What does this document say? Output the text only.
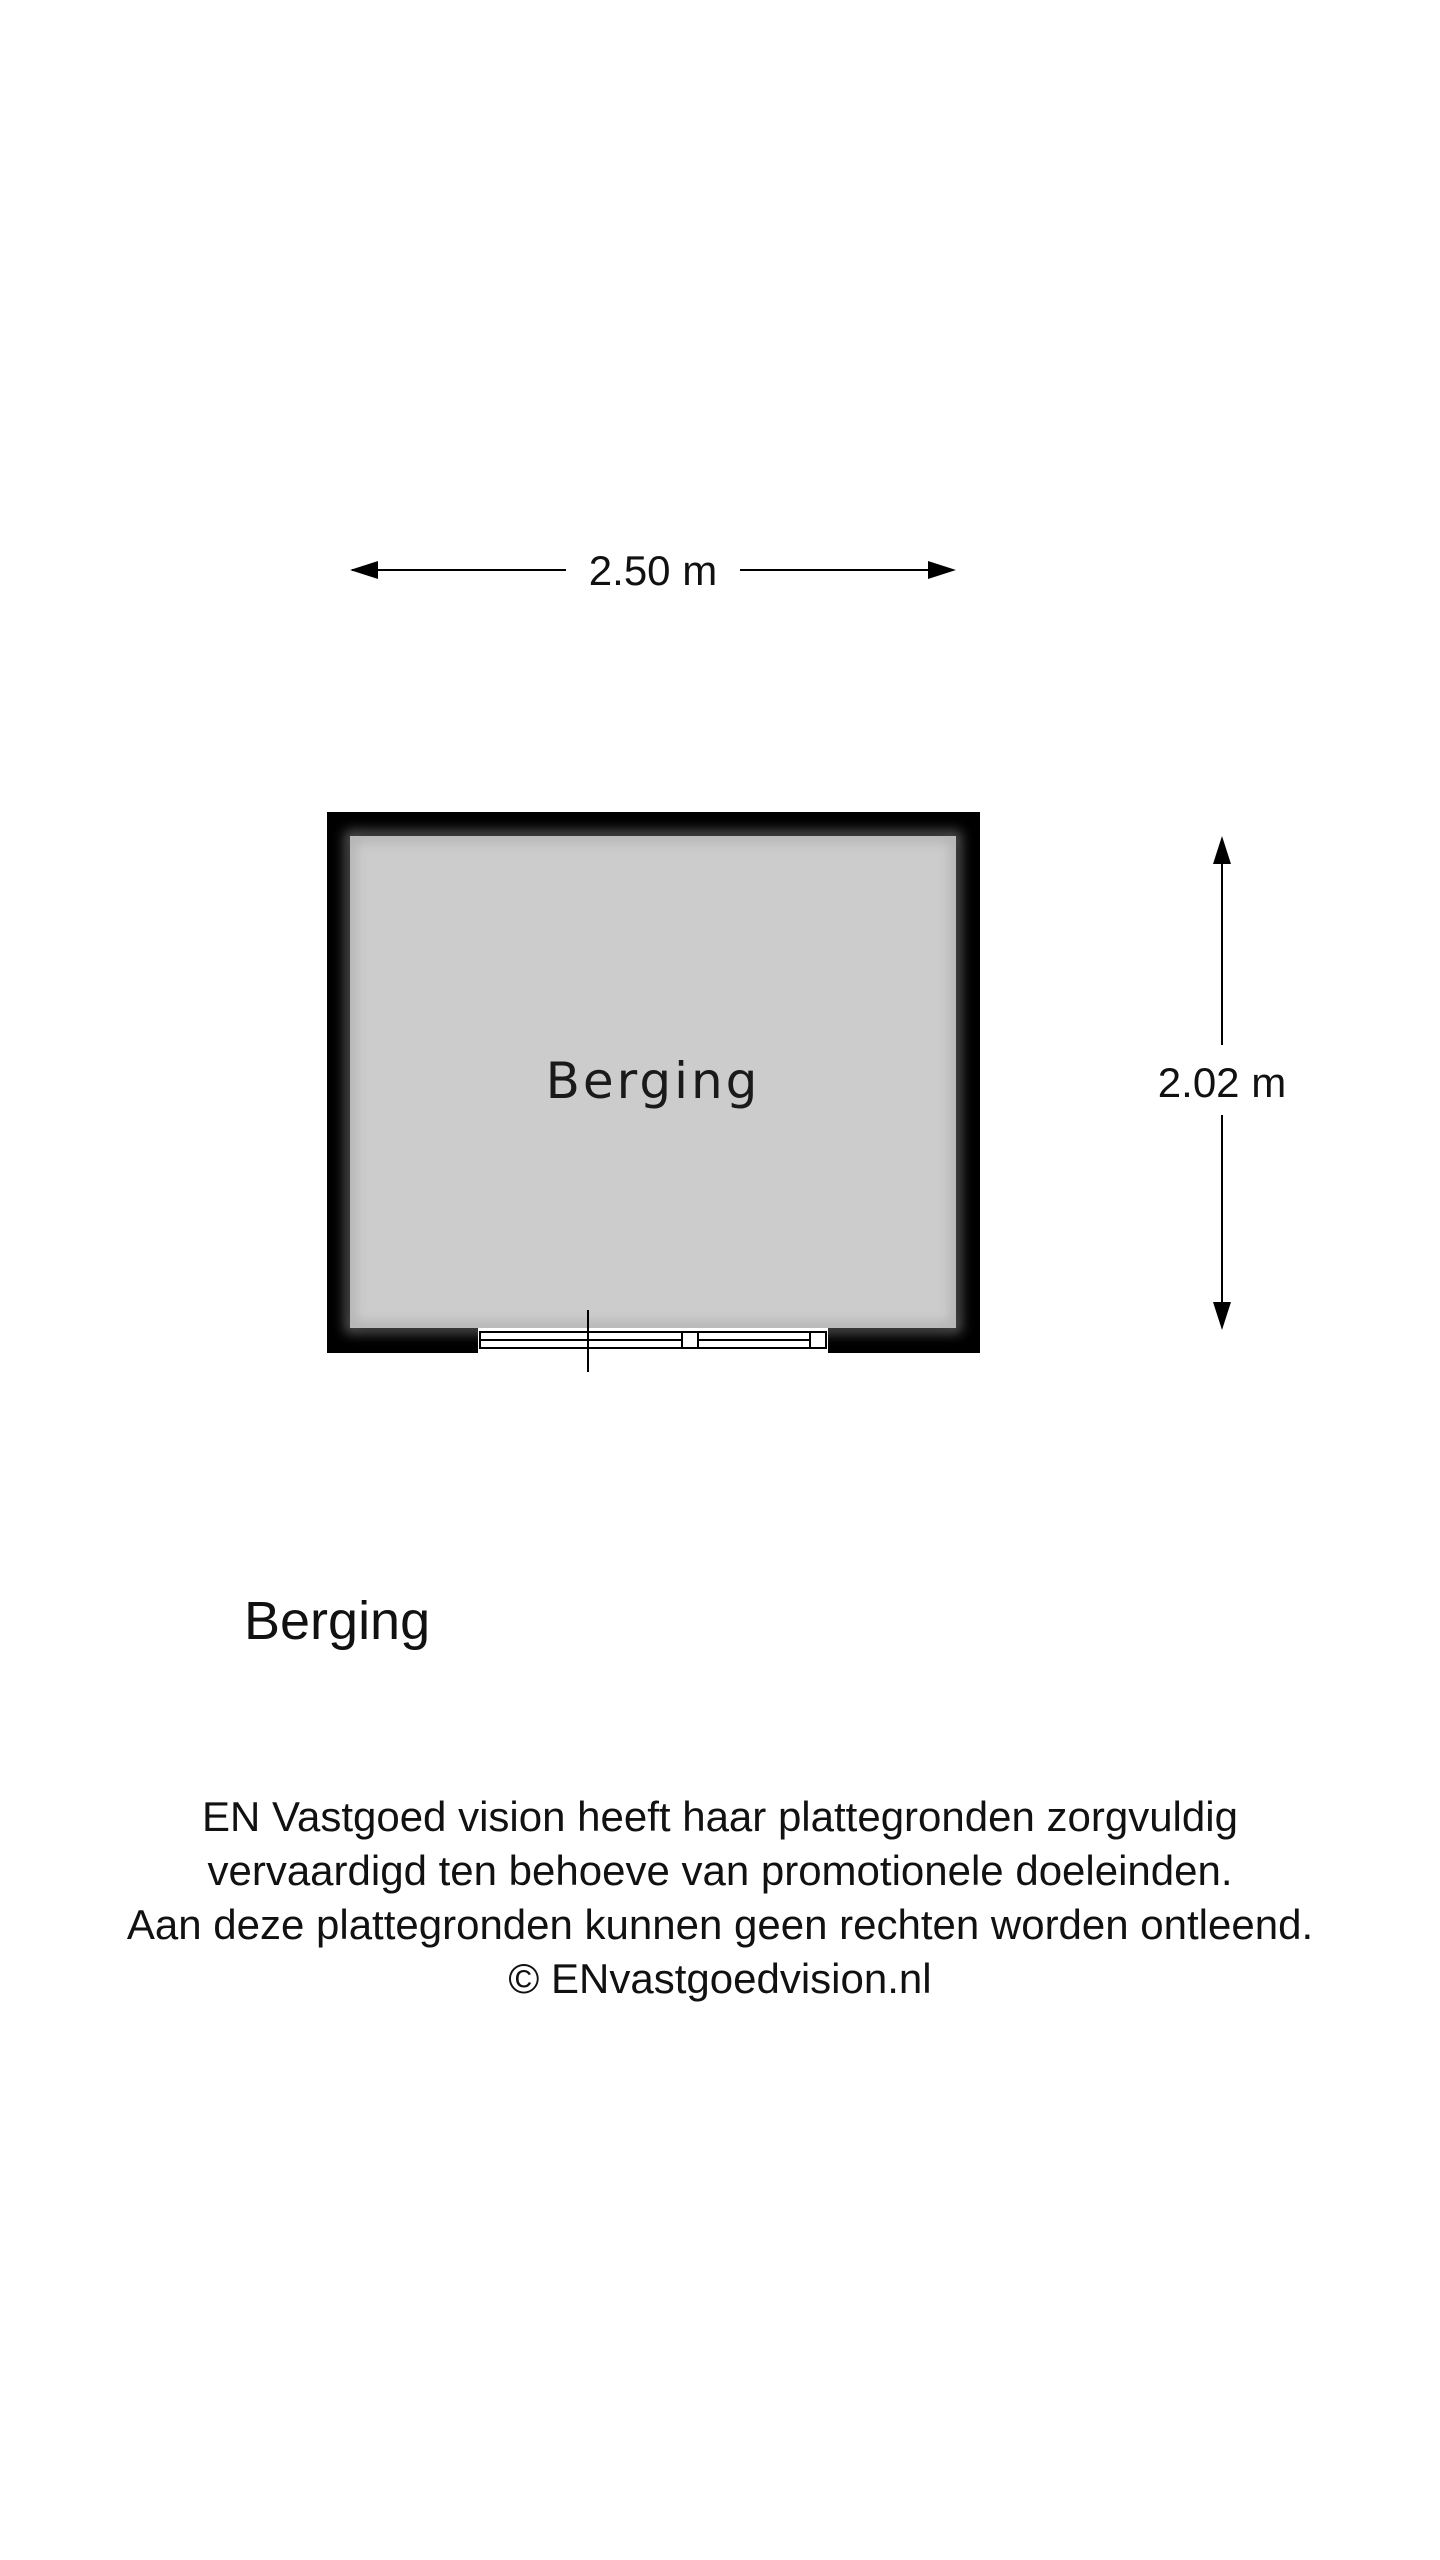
2.50 m
2.02 m
Berging
Berging
EN Vastgoed vision heeft haar plattegronden zorgvuldig
vervaardigd ten behoeve van promotionele doeleinden.
Aan deze plattegronden kunnen geen rechten worden ontleend.
© ENvastgoedvision.nl
